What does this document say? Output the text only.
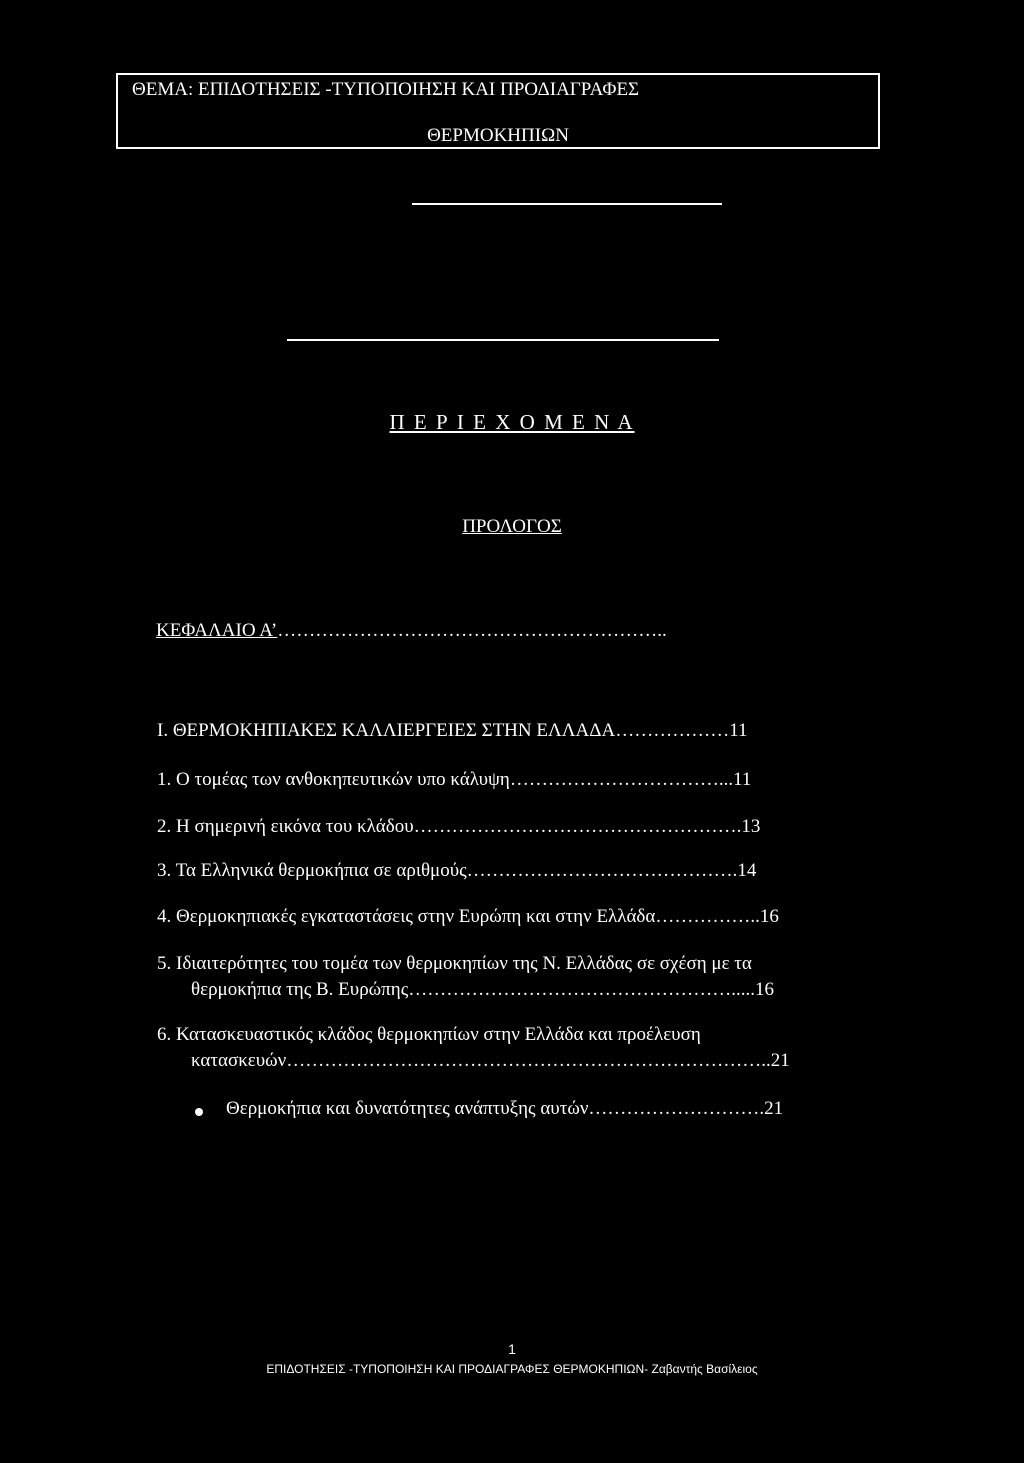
ΘΕΜΑ: ΕΠΙΔΟΤΗΣΕΙΣ -ΤΥΠΟΠΟΙΗΣΗ ΚΑΙ ΠΡΟΔΙΑΓΡΑΦΕΣ
ΘΕΡΜΟΚΗΠΙΩΝ
Π Ε Ρ Ι Ε Χ Ο Μ Ε Ν Α
ΠΡΟΛΟΓΟΣ
ΚΕΦΑΛΑΙΟ Α’……………………………………………………..
Ι. ΘΕΡΜΟΚΗΠΙΑΚΕΣ ΚΑΛΛΙΕΡΓΕΙΕΣ ΣΤΗΝ ΕΛΛΑΔΑ………………11
1. Ο τομέας των ανθοκηπευτικών υπο κάλυψη……………………………...11
2. Η σημερινή εικόνα του κλάδου…………………………………………….13
3. Τα Ελληνικά θερμοκήπια σε αριθμούς…………………………………….14
4. Θερμοκηπιακές εγκαταστάσεις στην Ευρώπη και στην Ελλάδα……………..16
5. Ιδιαιτερότητες του τομέα των θερμοκηπίων της Ν. Ελλάδας σε σχέση με τα
θερμοκήπια της Β. Ευρώπης…………………………………………….....16
6. Κατασκευαστικός κλάδος θερμοκηπίων στην Ελλάδα και προέλευση
κατασκευών…………………………………………………………………..21
Θερμοκήπια και δυνατότητες ανάπτυξης αυτών……………………….21
1
ΕΠΙΔΟΤΗΣΕΙΣ -ΤΥΠΟΠΟΙΗΣΗ ΚΑΙ ΠΡΟΔΙΑΓΡΑΦΕΣ ΘΕΡΜΟΚΗΠΙΩΝ- Ζαβαντής Βασίλειος
